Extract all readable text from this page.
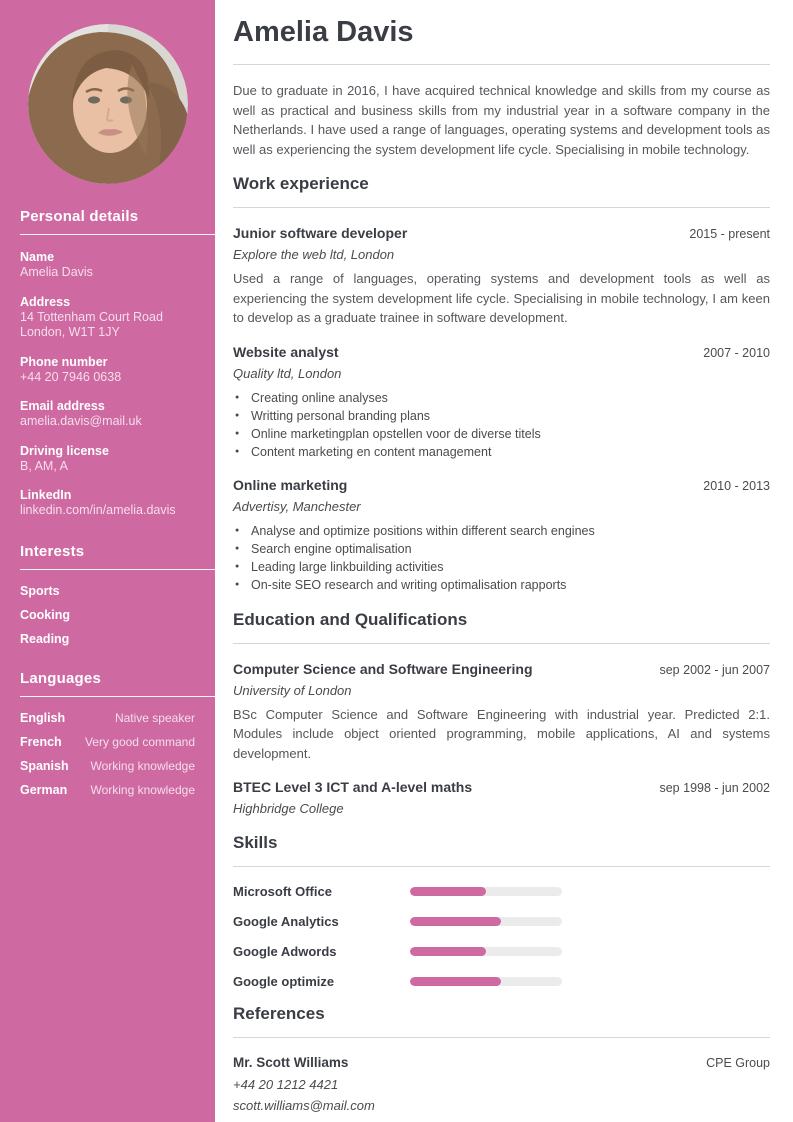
Personal details
Name
Amelia Davis
Address
14 Tottenham Court Road
London, W1T 1JY
Phone number
+44 20 7946 0638
Email address
amelia.davis@mail.uk
Driving license
B, AM, A
LinkedIn
linkedin.com/in/amelia.davis
Interests
Sports
Cooking
Reading
Languages
English	Native speaker
French Very good command
Spanish Working knowledge
German Working knowledge
Amelia Davis

Due to graduate in 2016, I have acquired technical knowledge and skills from my course as well as practical and business skills from my industrial year in a software company in the Netherlands. I have used a range of languages, operating systems and development tools as well as experiencing the system development life cycle. Specialising in mobile technology.

Work experience
Junior software developer	2015 - present
Explore the web ltd, London

Used a range of languages, operating systems and development tools as well as experiencing the system development life cycle. Specialising in mobile technology, I am keen to develop as a graduate trainee in software development.

Website analyst	2007 - 2010
Quality ltd, London
● Creating online analyses
● Writting personal branding plans
● Online marketingplan opstellen voor de diverse titels
● Content marketing en content management
Online marketing	2010 - 2013
Advertisy, Manchester
● Analyse and optimize positions within different search engines
● Search engine optimalisation
● Leading large linkbuilding activities
● On-site SEO research and writing optimalisation rapports
Education and Qualifications
Computer Science and Software Engineering	sep 2002 - jun 2007
University of London

BSc Computer Science and Software Engineering with industrial year. Predicted 2:1. Modules include object oriented programming, mobile applications, AI and systems development.

BTEC Level 3 ICT and A-level maths	sep 1998 - jun 2002
Highbridge College
Skills
Microsoft Office
Google Analytics
Google Adwords
Google optimize
References
Mr. Scott Williams	CPE Group
+44 20 1212 4421
scott.williams@mail.com
